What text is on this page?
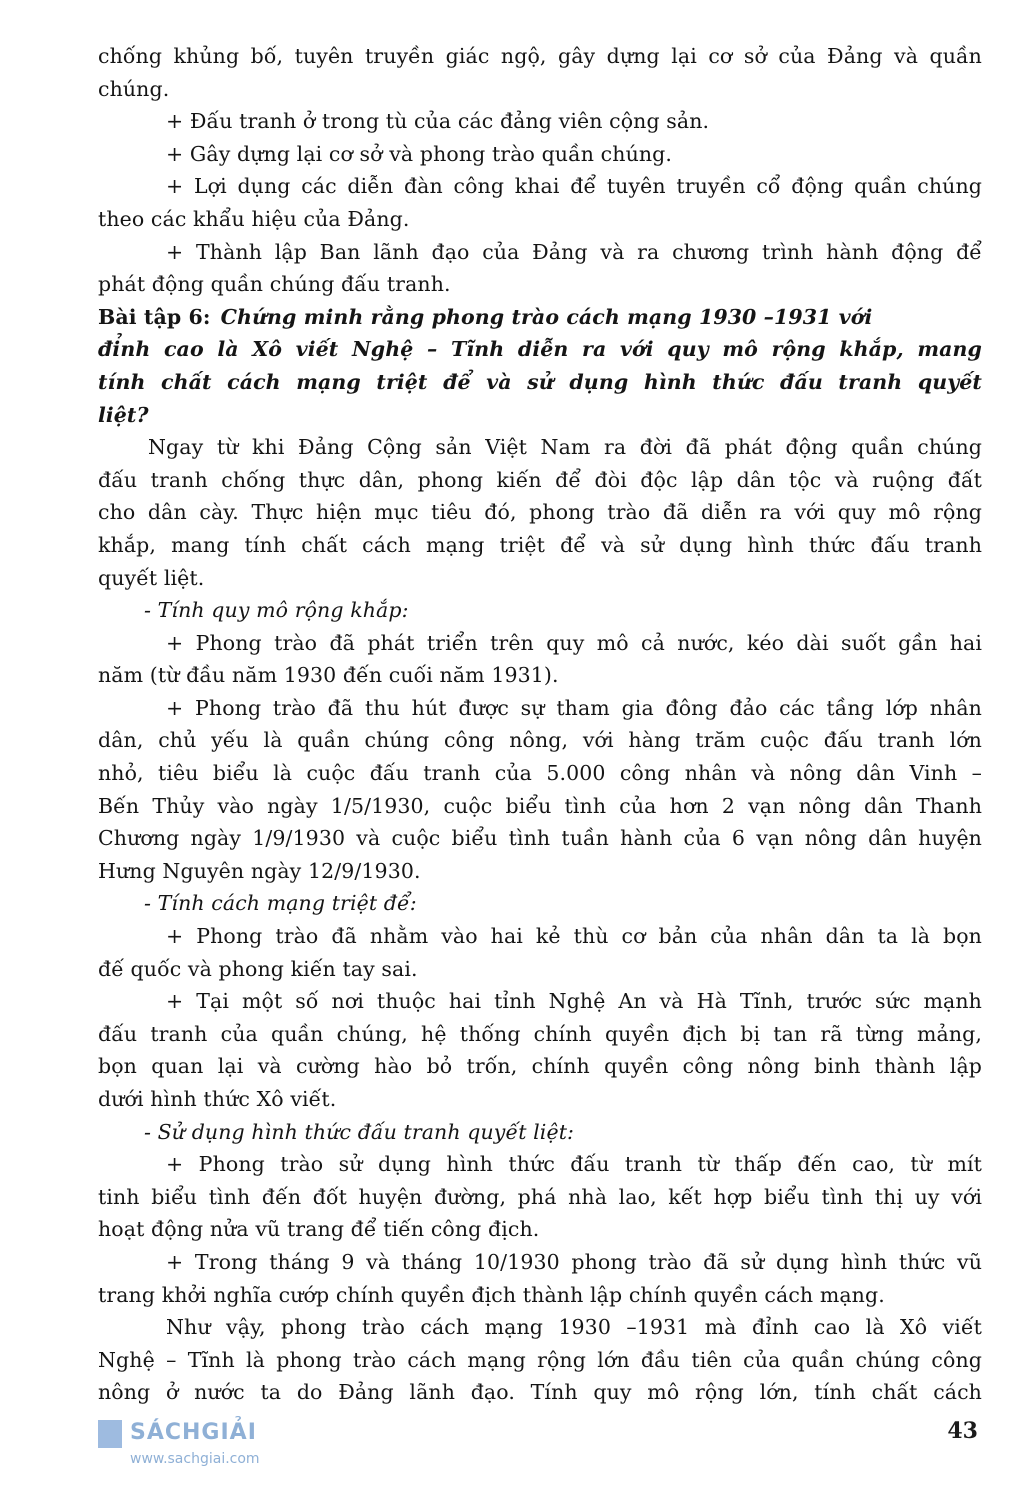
chống khủng bố, tuyên truyền giác ngộ, gây dựng lại cơ sở của Đảng và quần
chúng.
+ Đấu tranh ở trong tù của các đảng viên cộng sản.
+ Gây dựng lại cơ sở và phong trào quần chúng.
+ Lợi dụng các diễn đàn công khai để tuyên truyền cổ động quần chúng
theo các khẩu hiệu của Đảng.
+ Thành lập Ban lãnh đạo của Đảng và ra chương trình hành động để
phát động quần chúng đấu tranh.
Bài tập 6: Chứng minh rằng phong trào cách mạng 1930 –1931 với
đỉnh cao là Xô viết Nghệ – Tĩnh diễn ra với quy mô rộng khắp, mang
tính chất cách mạng triệt để và sử dụng hình thức đấu tranh quyết
liệt?
Ngay từ khi Đảng Cộng sản Việt Nam ra đời đã phát động quần chúng
đấu tranh chống thực dân, phong kiến để đòi độc lập dân tộc và ruộng đất
cho dân cày. Thực hiện mục tiêu đó, phong trào đã diễn ra với quy mô rộng
khắp, mang tính chất cách mạng triệt để và sử dụng hình thức đấu tranh
quyết liệt.
- Tính quy mô rộng khắp:
+ Phong trào đã phát triển trên quy mô cả nước, kéo dài suốt gần hai
năm (từ đầu năm 1930 đến cuối năm 1931).
+ Phong trào đã thu hút được sự tham gia đông đảo các tầng lớp nhân
dân, chủ yếu là quần chúng công nông, với hàng trăm cuộc đấu tranh lớn
nhỏ, tiêu biểu là cuộc đấu tranh của 5.000 công nhân và nông dân Vinh –
Bến Thủy vào ngày 1/5/1930, cuộc biểu tình của hơn 2 vạn nông dân Thanh
Chương ngày 1/9/1930 và cuộc biểu tình tuần hành của 6 vạn nông dân huyện
Hưng Nguyên ngày 12/9/1930.
- Tính cách mạng triệt để:
+ Phong trào đã nhằm vào hai kẻ thù cơ bản của nhân dân ta là bọn
đế quốc và phong kiến tay sai.
+ Tại một số nơi thuộc hai tỉnh Nghệ An và Hà Tĩnh, trước sức mạnh
đấu tranh của quần chúng, hệ thống chính quyền địch bị tan rã từng mảng,
bọn quan lại và cường hào bỏ trốn, chính quyền công nông binh thành lập
dưới hình thức Xô viết.
- Sử dụng hình thức đấu tranh quyết liệt:
+ Phong trào sử dụng hình thức đấu tranh từ thấp đến cao, từ mít
tinh biểu tình đến đốt huyện đường, phá nhà lao, kết hợp biểu tình thị uy với
hoạt động nửa vũ trang để tiến công địch.
+ Trong tháng 9 và tháng 10/1930 phong trào đã sử dụng hình thức vũ
trang khởi nghĩa cướp chính quyền địch thành lập chính quyền cách mạng.
Như vậy, phong trào cách mạng 1930 –1931 mà đỉnh cao là Xô viết
Nghệ – Tĩnh là phong trào cách mạng rộng lớn đầu tiên của quần chúng công
nông ở nước ta do Đảng lãnh đạo. Tính quy mô rộng lớn, tính chất cách
SÁCHGIẢI
www.sachgiai.com
43
